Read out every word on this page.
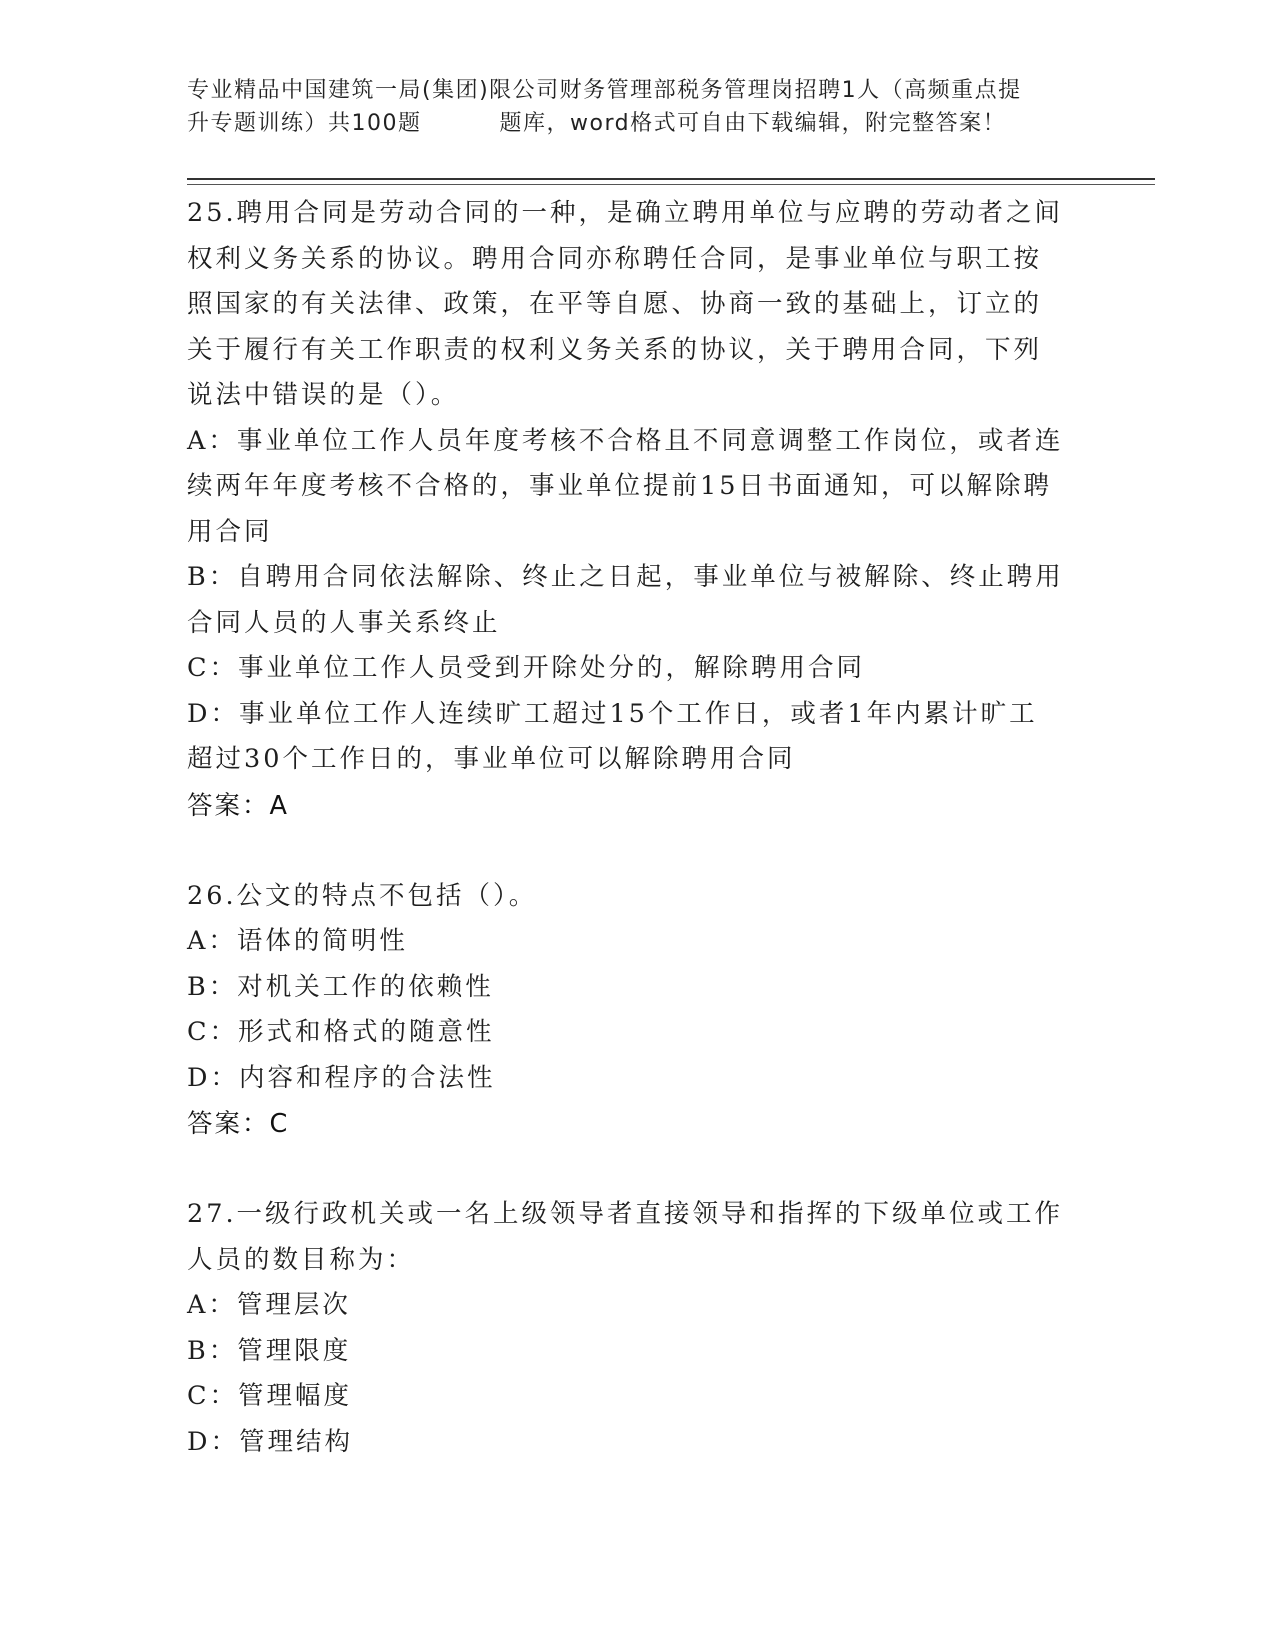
专业精品中国建筑一局(集团)限公司财务管理部税务管理岗招聘1人（高频重点提
升专题训练）共100题	题库，word格式可自由下载编辑，附完整答案！
25.聘用合同是劳动合同的一种，是确立聘用单位与应聘的劳动者之间
权利义务关系的协议。聘用合同亦称聘任合同，是事业单位与职工按
照国家的有关法律、政策，在平等自愿、协商一致的基础上，订立的
关于履行有关工作职责的权利义务关系的协议，关于聘用合同，下列
说法中错误的是（）。
A：事业单位工作人员年度考核不合格且不同意调整工作岗位，或者连
续两年年度考核不合格的，事业单位提前15日书面通知，可以解除聘
用合同
B：自聘用合同依法解除、终止之日起，事业单位与被解除、终止聘用
合同人员的人事关系终止
C：事业单位工作人员受到开除处分的，解除聘用合同
D：事业单位工作人连续旷工超过15个工作日，或者1年内累计旷工
超过30个工作日的，事业单位可以解除聘用合同
答案：A
26.公文的特点不包括（）。
A：语体的简明性
B：对机关工作的依赖性
C：形式和格式的随意性
D：内容和程序的合法性
答案：C
27.一级行政机关或一名上级领导者直接领导和指挥的下级单位或工作
人员的数目称为：
A：管理层次
B：管理限度
C：管理幅度
D：管理结构
